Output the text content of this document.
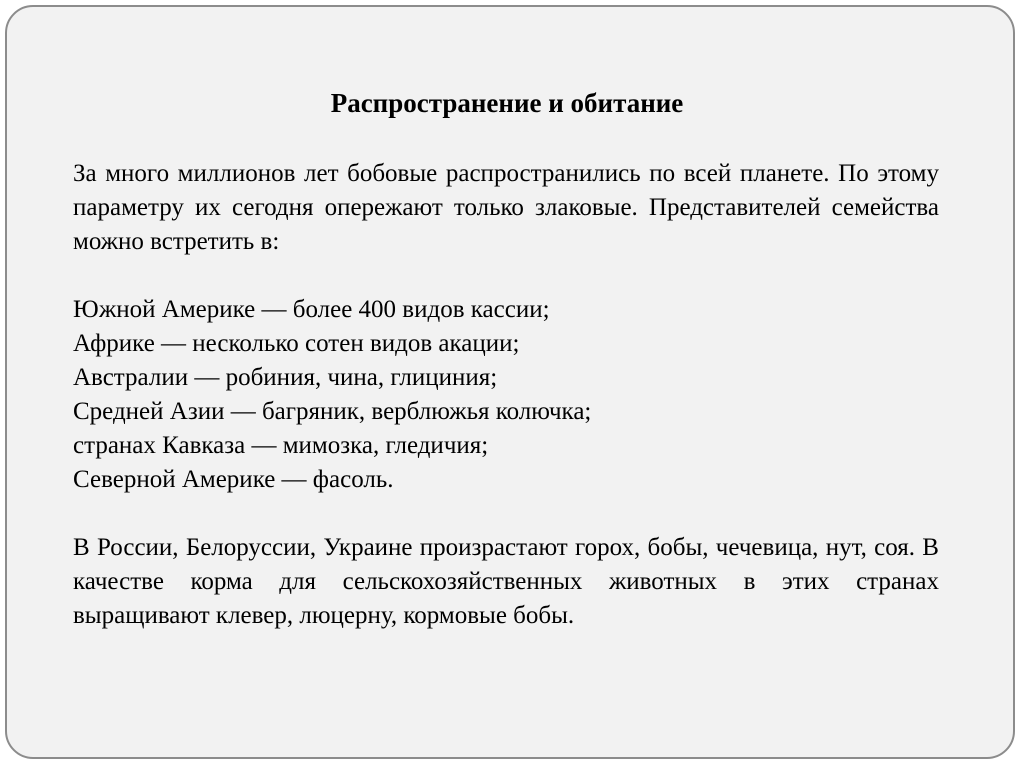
Распространение и обитание

За много миллионов лет бобовые распространились по всей планете. По этому параметру их сегодня опережают только злаковые. Представителей семейства можно встретить в:

Южной Америке — более 400 видов кассии;
Африке — несколько сотен видов акации;
Австралии — робиния, чина, глициния;
Средней Азии — багряник, верблюжья колючка;
странах Кавказа — мимозка, гледичия;
Северной Америке — фасоль.

В России, Белоруссии, Украине произрастают горох, бобы, чечевица, нут, соя. В качестве корма для сельскохозяйственных животных в этих странах выращивают клевер, люцерну, кормовые бобы.
